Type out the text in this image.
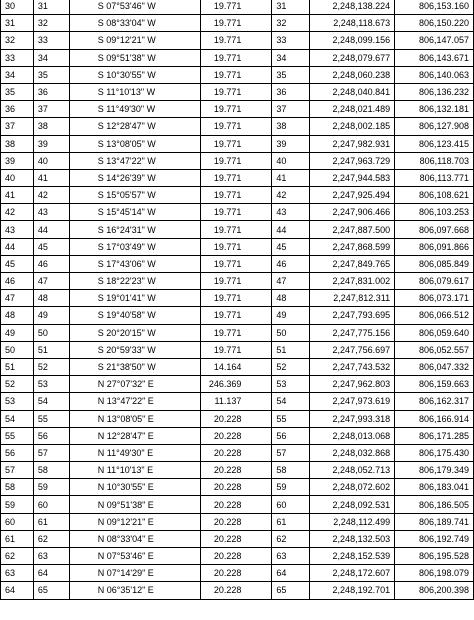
30	31	S 07°53'46" W	19.771	31	2,248,138.224	806,153.160
31	32	S 08°33'04" W	19.771	32	2,248,118.673	806,150.220
32	33	S 09°12'21" W	19.771	33	2,248,099.156	806,147.057
33	34	S 09°51'38" W	19.771	34	2,248,079.677	806,143.671
34	35	S 10°30'55" W	19.771	35	2,248,060.238	806,140.063
35	36	S 11°10'13" W	19.771	36	2,248,040.841	806,136.232
36	37	S 11°49'30" W	19.771	37	2,248,021.489	806,132.181
37	38	S 12°28'47" W	19.771	38	2,248,002.185	806,127.908
38	39	S 13°08'05" W	19.771	39	2,247,982.931	806,123.415
39	40	S 13°47'22" W	19.771	40	2,247,963.729	806,118.703
40	41	S 14°26'39" W	19.771	41	2,247,944.583	806,113.771
41	42	S 15°05'57" W	19.771	42	2,247,925.494	806,108.621
42	43	S 15°45'14" W	19.771	43	2,247,906.466	806,103.253
43	44	S 16°24'31" W	19.771	44	2,247,887.500	806,097.668
44	45	S 17°03'49" W	19.771	45	2,247,868.599	806,091.866
45	46	S 17°43'06" W	19.771	46	2,247,849.765	806,085.849
46	47	S 18°22'23" W	19.771	47	2,247,831.002	806,079.617
47	48	S 19°01'41" W	19.771	48	2,247,812.311	806,073.171
48	49	S 19°40'58" W	19.771	49	2,247,793.695	806,066.512
49	50	S 20°20'15" W	19.771	50	2,247,775.156	806,059.640
50	51	S 20°59'33" W	19.771	51	2,247,756.697	806,052.557
51	52	S 21°38'50" W	14.164	52	2,247,743.532	806,047.332
52	53	N 27°07'32" E	246.369	53	2,247,962.803	806,159.663
53	54	N 13°47'22" E	11.137	54	2,247,973.619	806,162.317
54	55	N 13°08'05" E	20.228	55	2,247,993.318	806,166.914
55	56	N 12°28'47" E	20.228	56	2,248,013.068	806,171.285
56	57	N 11°49'30" E	20.228	57	2,248,032.868	806,175.430
57	58	N 11°10'13" E	20.228	58	2,248,052.713	806,179.349
58	59	N 10°30'55" E	20.228	59	2,248,072.602	806,183.041
59	60	N 09°51'38" E	20.228	60	2,248,092.531	806,186.505
60	61	N 09°12'21" E	20.228	61	2,248,112.499	806,189.741
61	62	N 08°33'04" E	20.228	62	2,248,132.503	806,192.749
62	63	N 07°53'46" E	20.228	63	2,248,152.539	806,195.528
63	64	N 07°14'29" E	20.228	64	2,248,172.607	806,198.079
64	65	N 06°35'12" E	20.228	65	2,248,192.701	806,200.398
